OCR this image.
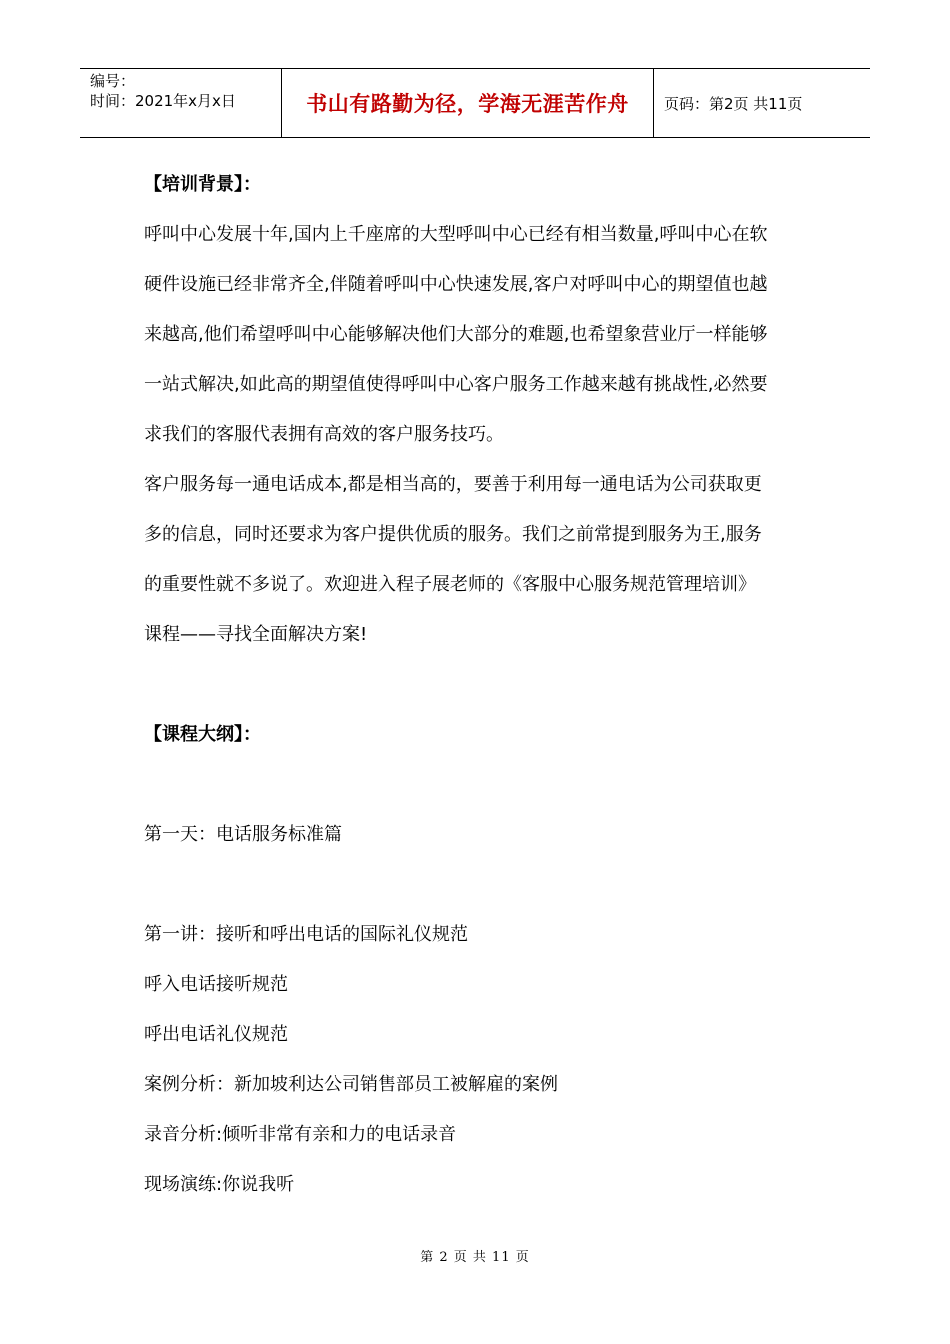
编号：
时间：2021年x月x日	书山有路勤为径，学海无涯苦作舟	页码：第2页 共11页
【培训背景】：
呼叫中心发展十年,国内上千座席的大型呼叫中心已经有相当数量,呼叫中心在软
硬件设施已经非常齐全,伴随着呼叫中心快速发展,客户对呼叫中心的期望值也越
来越高,他们希望呼叫中心能够解决他们大部分的难题,也希望象营业厅一样能够
一站式解决,如此高的期望值使得呼叫中心客户服务工作越来越有挑战性,必然要
求我们的客服代表拥有高效的客户服务技巧。
客户服务每一通电话成本,都是相当高的，要善于利用每一通电话为公司获取更
多的信息，同时还要求为客户提供优质的服务。我们之前常提到服务为王,服务
的重要性就不多说了。欢迎进入程子展老师的《客服中心服务规范管理培训》
课程——寻找全面解决方案!
【课程大纲】：
第一天：电话服务标准篇
第一讲：接听和呼出电话的国际礼仪规范
呼入电话接听规范
呼出电话礼仪规范
案例分析：新加坡利达公司销售部员工被解雇的案例
录音分析:倾听非常有亲和力的电话录音
现场演练:你说我听
第 2 页 共 11 页
